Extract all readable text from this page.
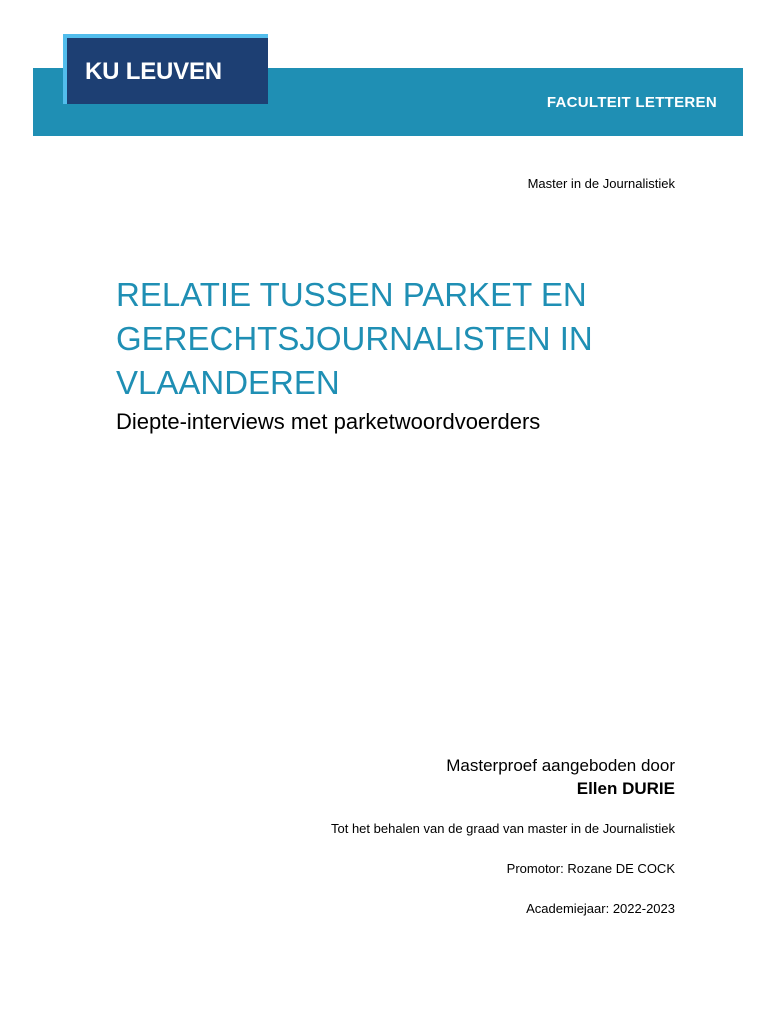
FACULTEIT LETTEREN
KU LEUVEN
Master in de Journalistiek
RELATIE TUSSEN PARKET EN
GERECHTSJOURNALISTEN IN
VLAANDEREN
Diepte-interviews met parketwoordvoerders
Masterproef aangeboden door
Ellen DURIE
Tot het behalen van de graad van master in de Journalistiek
Promotor: Rozane DE COCK
Academiejaar: 2022-2023
